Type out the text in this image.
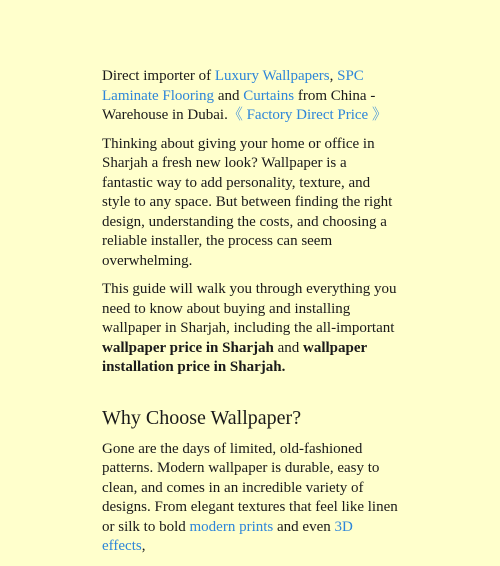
Direct importer of Luxury Wallpapers, SPC Laminate Flooring and Curtains from China - Warehouse in Dubai.《 Factory Direct Price 》

Thinking about giving your home or office in Sharjah a fresh new look? Wallpaper is a fantastic way to add personality, texture, and style to any space. But between finding the right design, understanding the costs, and choosing a reliable installer, the process can seem overwhelming.

This guide will walk you through everything you need to know about buying and installing wallpaper in Sharjah, including the all-important wallpaper price in Sharjah and wallpaper installation price in Sharjah.

Why Choose Wallpaper?

Gone are the days of limited, old-fashioned patterns. Modern wallpaper is durable, easy to clean, and comes in an incredible variety of designs. From elegant textures that feel like linen or silk to bold modern prints and even 3D effects,
